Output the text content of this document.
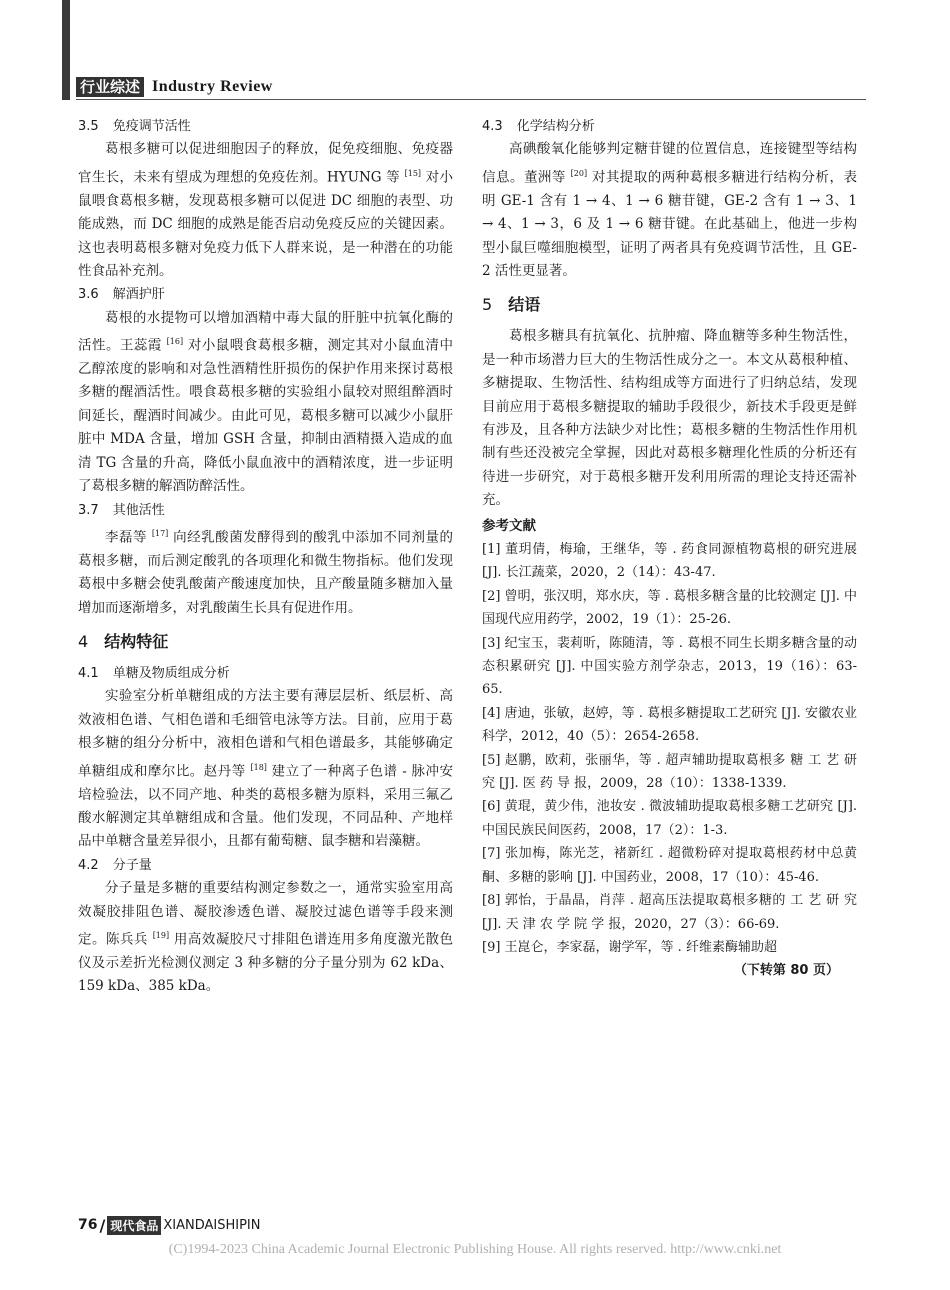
行业综述 Industry Review
3.5 免疫调节活性

葛根多糖可以促进细胞因子的释放，促免疫细胞、免疫器官生长，未来有望成为理想的免疫佐剂。HYUNG 等 [15] 对小鼠喂食葛根多糖，发现葛根多糖可以促进 DC 细胞的表型、功能成熟，而 DC 细胞的成熟是能否启动免疫反应的关键因素。这也表明葛根多糖对免疫力低下人群来说，是一种潜在的功能性食品补充剂。

3.6 解酒护肝

葛根的水提物可以增加酒精中毒大鼠的肝脏中抗氧化酶的活性。王蕊霞 [16] 对小鼠喂食葛根多糖，测定其对小鼠血清中乙醇浓度的影响和对急性酒精性肝损伤的保护作用来探讨葛根多糖的醒酒活性。喂食葛根多糖的实验组小鼠较对照组醉酒时间延长，醒酒时间减少。由此可见，葛根多糖可以减少小鼠肝脏中 MDA 含量，增加 GSH 含量，抑制由酒精摄入造成的血清 TG 含量的升高，降低小鼠血液中的酒精浓度，进一步证明了葛根多糖的解酒防醉活性。

3.7 其他活性

李磊等 [17] 向经乳酸菌发酵得到的酸乳中添加不同剂量的葛根多糖，而后测定酸乳的各项理化和微生物指标。他们发现葛根中多糖会使乳酸菌产酸速度加快，且产酸量随多糖加入量增加而逐渐增多，对乳酸菌生长具有促进作用。

4 结构特征
4.1 单糖及物质组成分析

实验室分析单糖组成的方法主要有薄层层析、纸层析、高效液相色谱、气相色谱和毛细管电泳等方法。目前，应用于葛根多糖的组分分析中，液相色谱和气相色谱最多，其能够确定单糖组成和摩尔比。赵丹等 [18] 建立了一种离子色谱 - 脉冲安培检验法，以不同产地、种类的葛根多糖为原料，采用三氟乙酸水解测定其单糖组成和含量。他们发现，不同品种、产地样品中单糖含量差异很小，且都有葡萄糖、鼠李糖和岩藻糖。

4.2 分子量

分子量是多糖的重要结构测定参数之一，通常实验室用高效凝胶排阻色谱、凝胶渗透色谱、凝胶过滤色谱等手段来测定。陈兵兵 [19] 用高效凝胶尺寸排阻色谱连用多角度激光散色仪及示差折光检测仪测定 3 种多糖的分子量分别为 62 kDa、159 kDa、385 kDa。

4.3 化学结构分析

高碘酸氧化能够判定糖苷键的位置信息，连接键型等结构信息。董洲等 [20] 对其提取的两种葛根多糖进行结构分析，表明 GE-1 含有 1 → 4、1 → 6 糖苷键，GE-2 含有 1 → 3、1 → 4、1 → 3，6 及 1 → 6 糖苷键。在此基础上，他进一步构型小鼠巨噬细胞模型，证明了两者具有免疫调节活性，且 GE-2 活性更显著。

5 结语

葛根多糖具有抗氧化、抗肿瘤、降血糖等多种生物活性，是一种市场潜力巨大的生物活性成分之一。本文从葛根种植、多糖提取、生物活性、结构组成等方面进行了归纳总结，发现目前应用于葛根多糖提取的辅助手段很少，新技术手段更是鲜有涉及，且各种方法缺少对比性；葛根多糖的生物活性作用机制有些还没被完全掌握，因此对葛根多糖理化性质的分析还有待进一步研究，对于葛根多糖开发利用所需的理论支持还需补充。

参考文献

[1] 董玥倩，梅瑜，王继华，等 . 药食同源植物葛根的研究进展 [J]. 长江蔬菜，2020，2（14）：43-47.

[2] 曾明，张汉明，郑水庆，等 . 葛根多糖含量的比较测定 [J]. 中国现代应用药学，2002，19（1）：25-26.

[3] 纪宝玉，裴莉昕，陈随清，等 . 葛根不同生长期多糖含量的动态积累研究 [J]. 中国实验方剂学杂志，2013，19（16）：63-65.

[4] 唐迪，张敏，赵婷，等 . 葛根多糖提取工艺研究 [J]. 安徽农业科学，2012，40（5）：2654-2658.

[5] 赵鹏，欧莉，张丽华，等 . 超声辅助提取葛根多 糖 工 艺 研 究 [J]. 医 药 导 报，2009，28（10）：1338-1339.

[6] 黄琨，黄少伟，池妆安 . 微波辅助提取葛根多糖工艺研究 [J]. 中国民族民间医药，2008，17（2）：1-3.

[7] 张加梅，陈光芝，褚新红 . 超微粉碎对提取葛根药材中总黄酮、多糖的影响 [J]. 中国药业，2008，17（10）：45-46.

[8] 郭怡，于晶晶，肖萍 . 超高压法提取葛根多糖的 工 艺 研 究 [J]. 天 津 农 学 院 学 报，2020，27（3）：66-69.

[9] 王崑仑，李家磊，谢学军，等 . 纤维素酶辅助超

（下转第 80 页）

76 / 现代食品 XIANDAISHIPIN
(C)1994-2023 China Academic Journal Electronic Publishing House. All rights reserved. http://www.cnki.net
